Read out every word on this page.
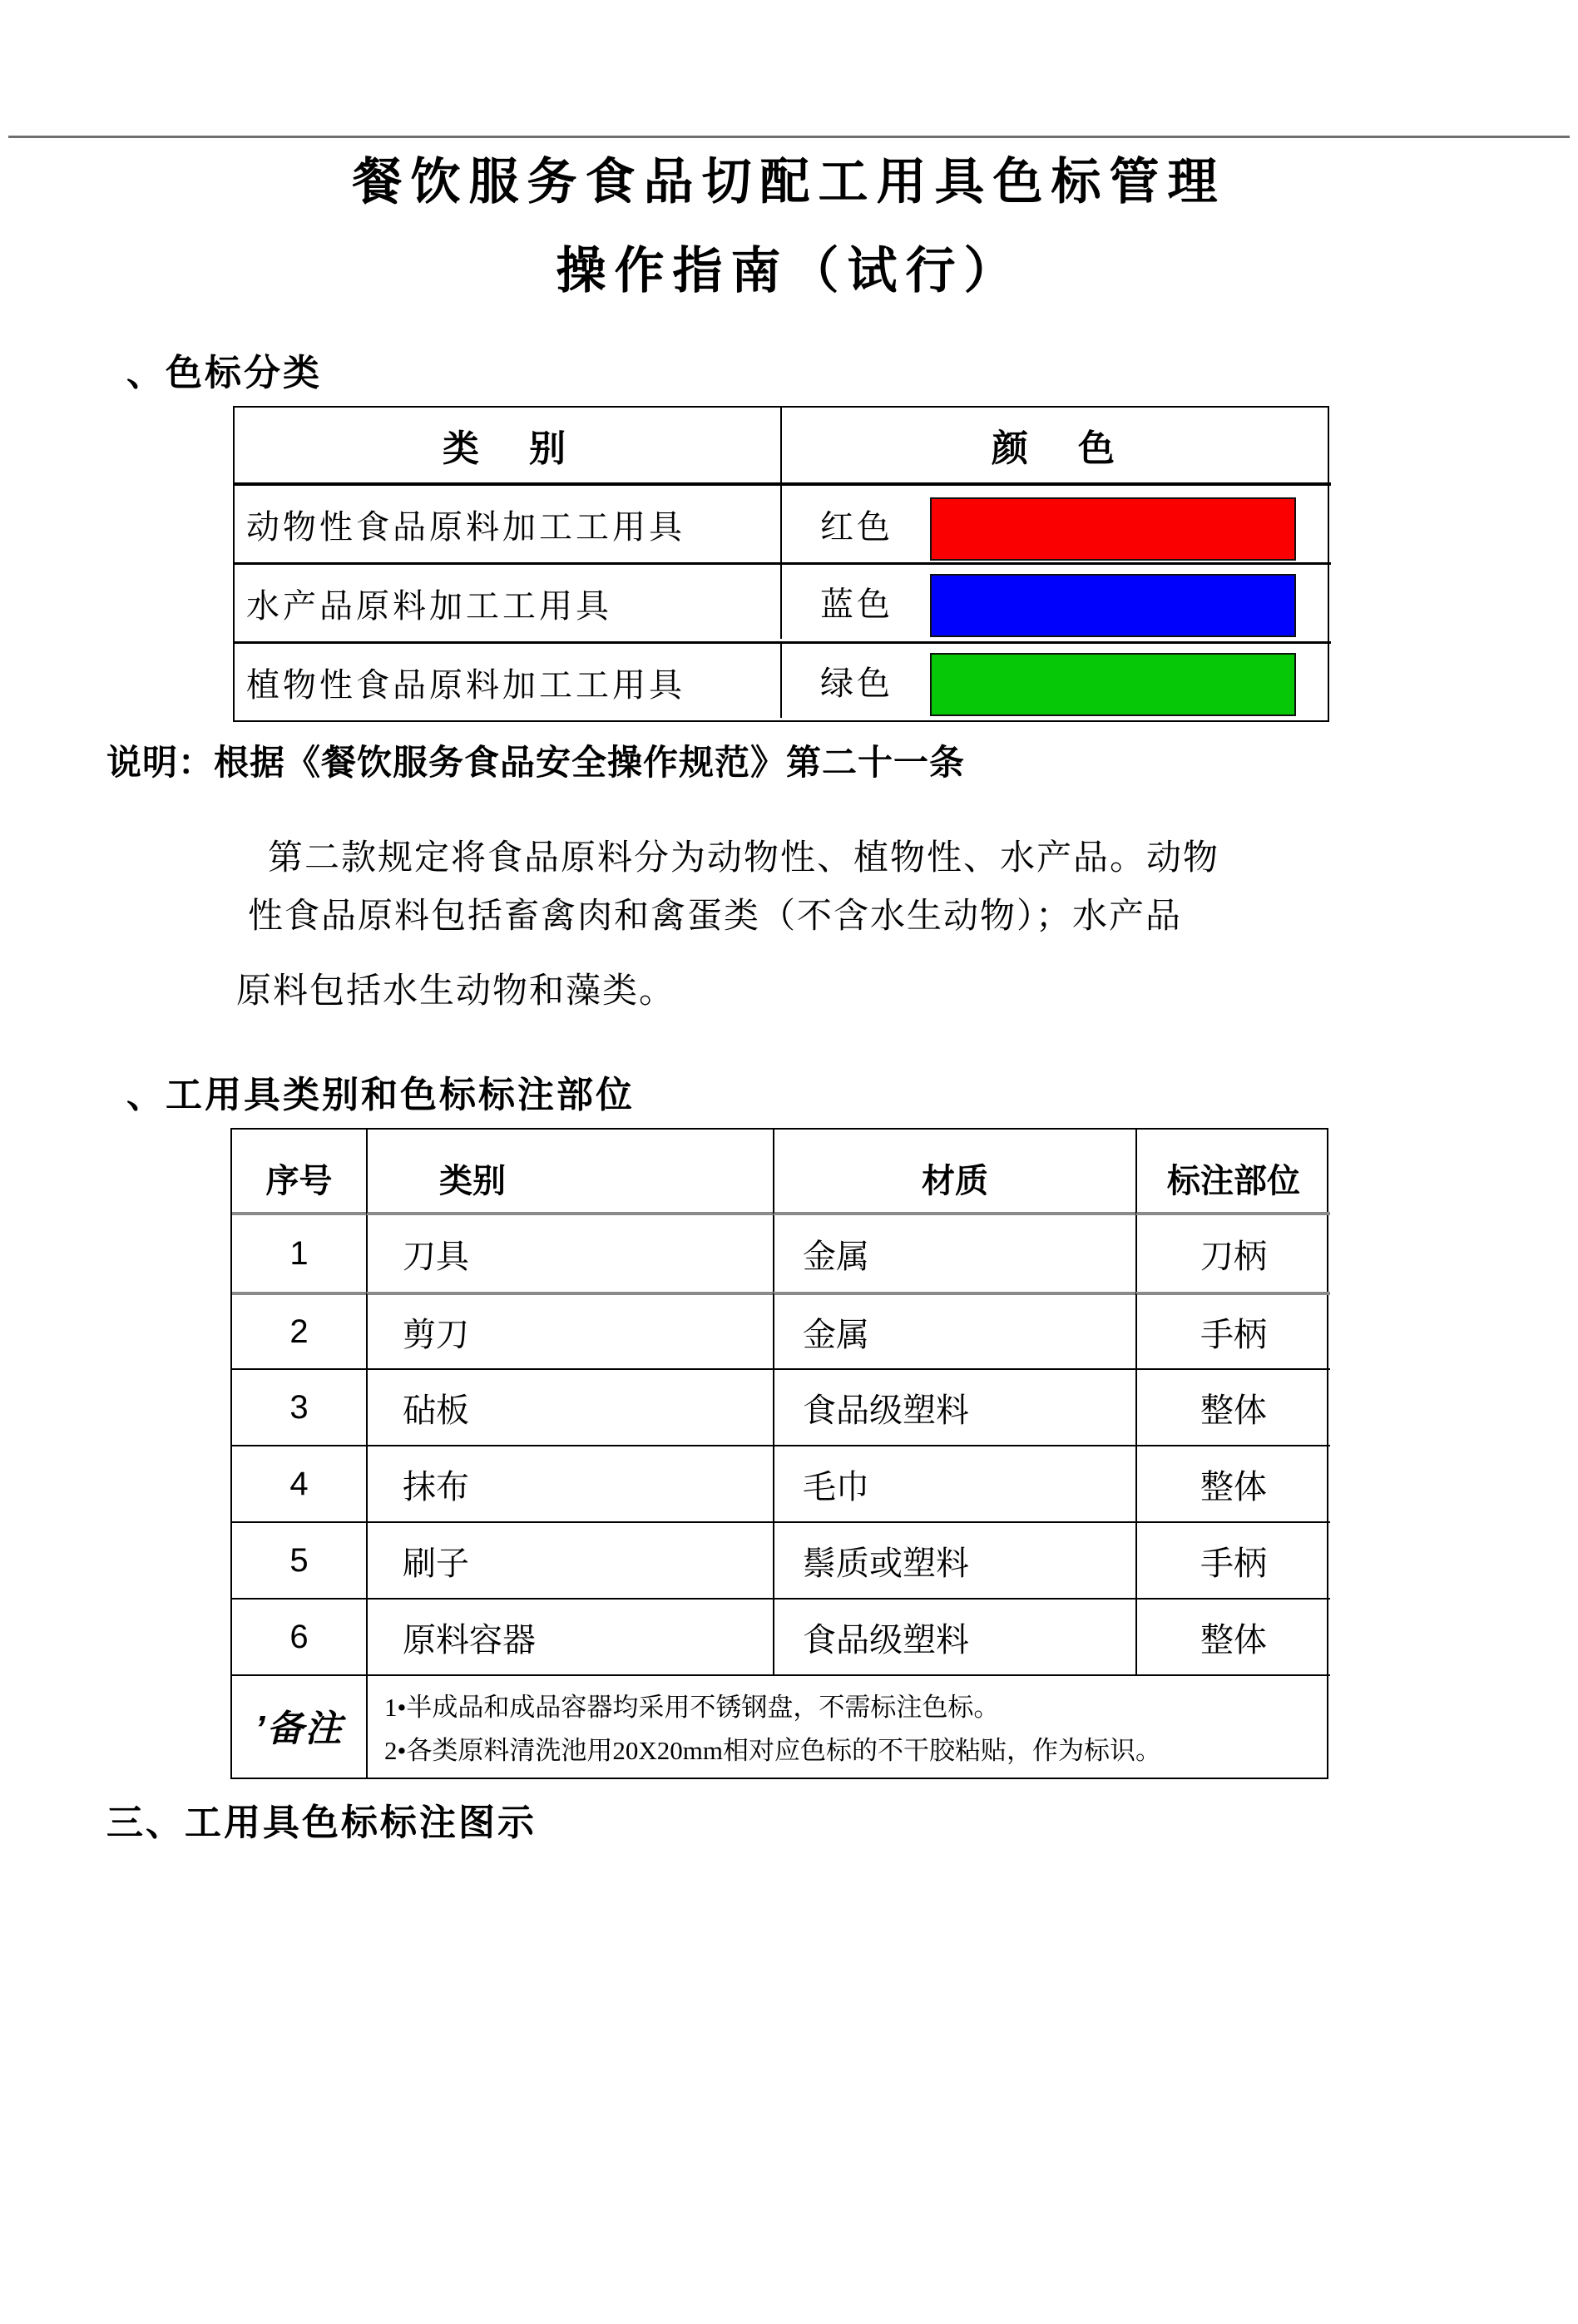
餐饮服务食品切配工用具色标管理
操作指南（试行）
、色标分类
类　别	颜　色
动物性食品原料加工工用具	红色
水产品原料加工工用具	蓝色
植物性食品原料加工工用具	绿色
说明：根据《餐饮服务食品安全操作规范》第二十一条
第二款规定将食品原料分为动物性、植物性、水产品。动物
性食品原料包括畜禽肉和禽蛋类（不含水生动物）；水产品
原料包括水生动物和藻类。
、工用具类别和色标标注部位
序号	类别	材质	标注部位
1	刀具	金属	刀柄
2	剪刀	金属	手柄
3	砧板	食品级塑料	整体
4	抹布	毛巾	整体
5	刷子	鬃质或塑料	手柄
6	原料容器	食品级塑料	整体
’备注
1•半成品和成品容器均采用不锈钢盘，不需标注色标。
2•各类原料清洗池用20X20mm相对应色标的不干胶粘贴，作为标识。
三、工用具色标标注图示
